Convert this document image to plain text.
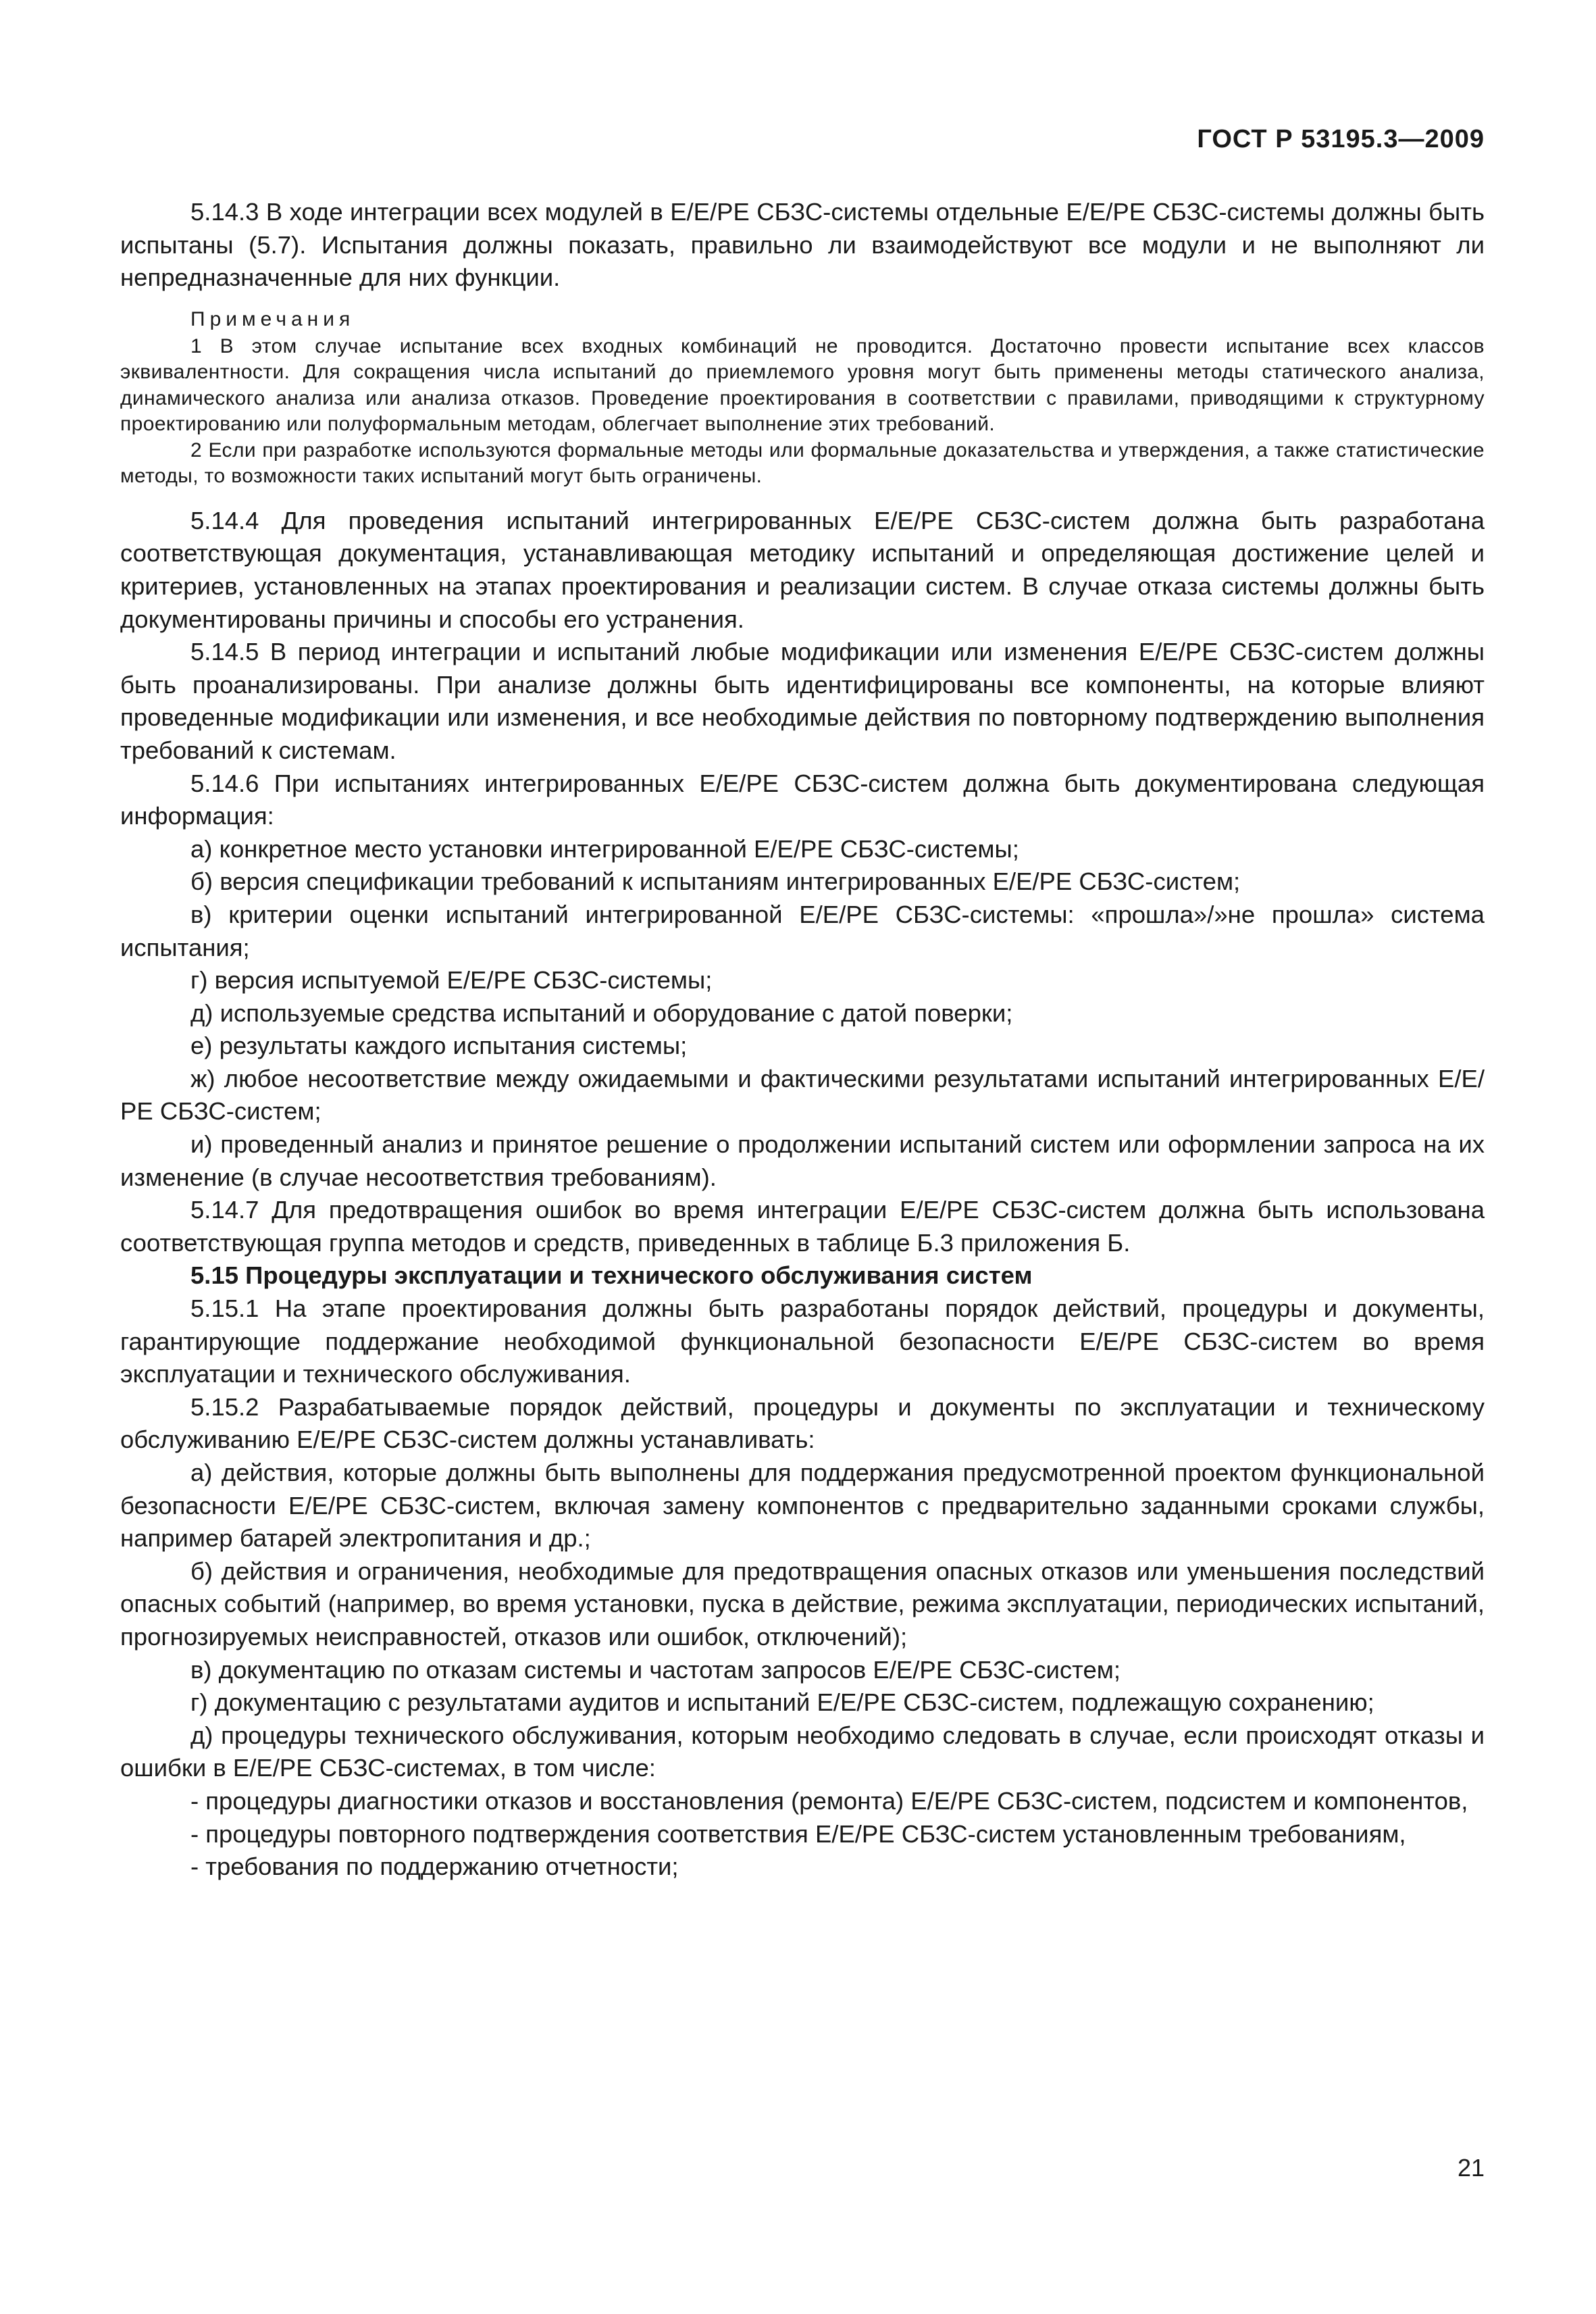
ГОСТ Р 53195.3—2009

5.14.3 В ходе интеграции всех модулей в Е/Е/РЕ СБЗС-системы отдельные Е/Е/РЕ СБЗС-системы должны быть испытаны (5.7). Испытания должны показать, правильно ли взаимодействуют все модули и не выполняют ли непредназначенные для них функции.

Примечания

1 В этом случае испытание всех входных комбинаций не проводится. Достаточно провести испытание всех классов эквивалентности. Для сокращения числа испытаний до приемлемого уровня могут быть применены методы статического анализа, динамического анализа или анализа отказов. Проведение проектирования в соответствии с правилами, приводящими к структурному проектированию или полуформальным методам, облегчает выполнение этих требований.

2 Если при разработке используются формальные методы или формальные доказательства и утверждения, а также статистические методы, то возможности таких испытаний могут быть ограничены.

5.14.4 Для проведения испытаний интегрированных Е/Е/РЕ СБЗС-систем должна быть разработана соответствующая документация, устанавливающая методику испытаний и определяющая достижение целей и критериев, установленных на этапах проектирования и реализации систем. В случае отказа системы должны быть документированы причины и способы его устранения.

5.14.5 В период интеграции и испытаний любые модификации или изменения Е/Е/РЕ СБЗС-систем должны быть проанализированы. При анализе должны быть идентифицированы все компоненты, на которые влияют проведенные модификации или изменения, и все необходимые действия по повторному подтверждению выполнения требований к системам.

5.14.6 При испытаниях интегрированных Е/Е/РЕ СБЗС-систем должна быть документирована следующая информация:

а) конкретное место установки интегрированной Е/Е/РЕ СБЗС-системы;

б) версия спецификации требований к испытаниям интегрированных Е/Е/РЕ СБЗС-систем;

в) критерии оценки испытаний интегрированной Е/Е/РЕ СБЗС-системы: «прошла»/»не прошла» система испытания;

г) версия испытуемой Е/Е/РЕ СБЗС-системы;

д) используемые средства испытаний и оборудование с датой поверки;

е) результаты каждого испытания системы;

ж) любое несоответствие между ожидаемыми и фактическими результатами испытаний интегрированных Е/Е/РЕ СБЗС-систем;

и) проведенный анализ и принятое решение о продолжении испытаний систем или оформлении запроса на их изменение (в случае несоответствия требованиям).

5.14.7 Для предотвращения ошибок во время интеграции Е/Е/РЕ СБЗС-систем должна быть использована соответствующая группа методов и средств, приведенных в таблице Б.3 приложения Б.

5.15 Процедуры эксплуатации и технического обслуживания систем

5.15.1 На этапе проектирования должны быть разработаны порядок действий, процедуры и документы, гарантирующие поддержание необходимой функциональной безопасности Е/Е/РЕ СБЗС-систем во время эксплуатации и технического обслуживания.

5.15.2 Разрабатываемые порядок действий, процедуры и документы по эксплуатации и техническому обслуживанию Е/Е/РЕ СБЗС-систем должны устанавливать:

а) действия, которые должны быть выполнены для поддержания предусмотренной проектом функциональной безопасности Е/Е/РЕ СБЗС-систем, включая замену компонентов с предварительно заданными сроками службы, например батарей электропитания и др.;

б) действия и ограничения, необходимые для предотвращения опасных отказов или уменьшения последствий опасных событий (например, во время установки, пуска в действие, режима эксплуатации, периодических испытаний, прогнозируемых неисправностей, отказов или ошибок, отключений);

в) документацию по отказам системы и частотам запросов Е/Е/РЕ СБЗС-систем;

г) документацию с результатами аудитов и испытаний Е/Е/РЕ СБЗС-систем, подлежащую сохранению;

д) процедуры технического обслуживания, которым необходимо следовать в случае, если происходят отказы и ошибки в Е/Е/РЕ СБЗС-системах, в том числе:

- процедуры диагностики отказов и восстановления (ремонта) Е/Е/РЕ СБЗС-систем, подсистем и компонентов,

- процедуры повторного подтверждения соответствия Е/Е/РЕ СБЗС-систем установленным требованиям,

- требования по поддержанию отчетности;

21
